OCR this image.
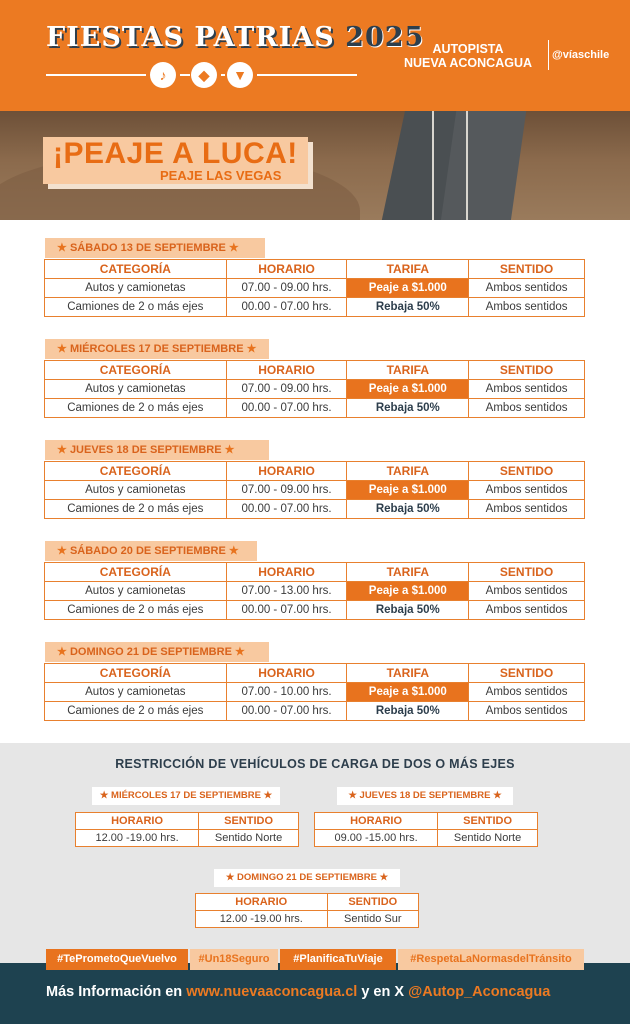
FIESTAS PATRIAS 2025
♪	◆	▼
AUTOPISTA
NUEVA ACONCAGUA
@víaschile
¡PEAJE A LUCA!
PEAJE LAS VEGAS
★ SÁBADO 13 DE SEPTIEMBRE ★
CATEGORÍA	HORARIO	TARIFA	SENTIDO
Autos y camionetas	07.00 - 09.00 hrs.	Peaje a $1.000	Ambos sentidos
Camiones de 2 o más ejes	00.00 - 07.00 hrs.	Rebaja 50%	Ambos sentidos
★ MIÉRCOLES 17 DE SEPTIEMBRE ★
CATEGORÍA	HORARIO	TARIFA	SENTIDO
Autos y camionetas	07.00 - 09.00 hrs.	Peaje a $1.000	Ambos sentidos
Camiones de 2 o más ejes	00.00 - 07.00 hrs.	Rebaja 50%	Ambos sentidos
★ JUEVES 18 DE SEPTIEMBRE ★
CATEGORÍA	HORARIO	TARIFA	SENTIDO
Autos y camionetas	07.00 - 09.00 hrs.	Peaje a $1.000	Ambos sentidos
Camiones de 2 o más ejes	00.00 - 07.00 hrs.	Rebaja 50%	Ambos sentidos
★ SÁBADO 20 DE SEPTIEMBRE ★
CATEGORÍA	HORARIO	TARIFA	SENTIDO
Autos y camionetas	07.00 - 13.00 hrs.	Peaje a $1.000	Ambos sentidos
Camiones de 2 o más ejes	00.00 - 07.00 hrs.	Rebaja 50%	Ambos sentidos
★ DOMINGO 21 DE SEPTIEMBRE ★
CATEGORÍA	HORARIO	TARIFA	SENTIDO
Autos y camionetas	07.00 - 10.00 hrs.	Peaje a $1.000	Ambos sentidos
Camiones de 2 o más ejes	00.00 - 07.00 hrs.	Rebaja 50%	Ambos sentidos
RESTRICCIÓN DE VEHÍCULOS DE CARGA DE DOS O MÁS EJES
★ MIÉRCOLES 17 DE SEPTIEMBRE ★
HORARIO	SENTIDO
12.00 -19.00 hrs.	Sentido Norte
★ JUEVES 18 DE SEPTIEMBRE ★
HORARIO	SENTIDO
09.00 -15.00 hrs.	Sentido Norte
★ DOMINGO 21 DE SEPTIEMBRE ★
HORARIO	SENTIDO
12.00 -19.00 hrs.	Sentido Sur
#TePrometoQueVuelvo	#Un18Seguro	#PlanificaTuViaje	#RespetaLaNormasdelTránsito
Más Información en www.nuevaaconcagua.cl y en X @Autop_Aconcagua
